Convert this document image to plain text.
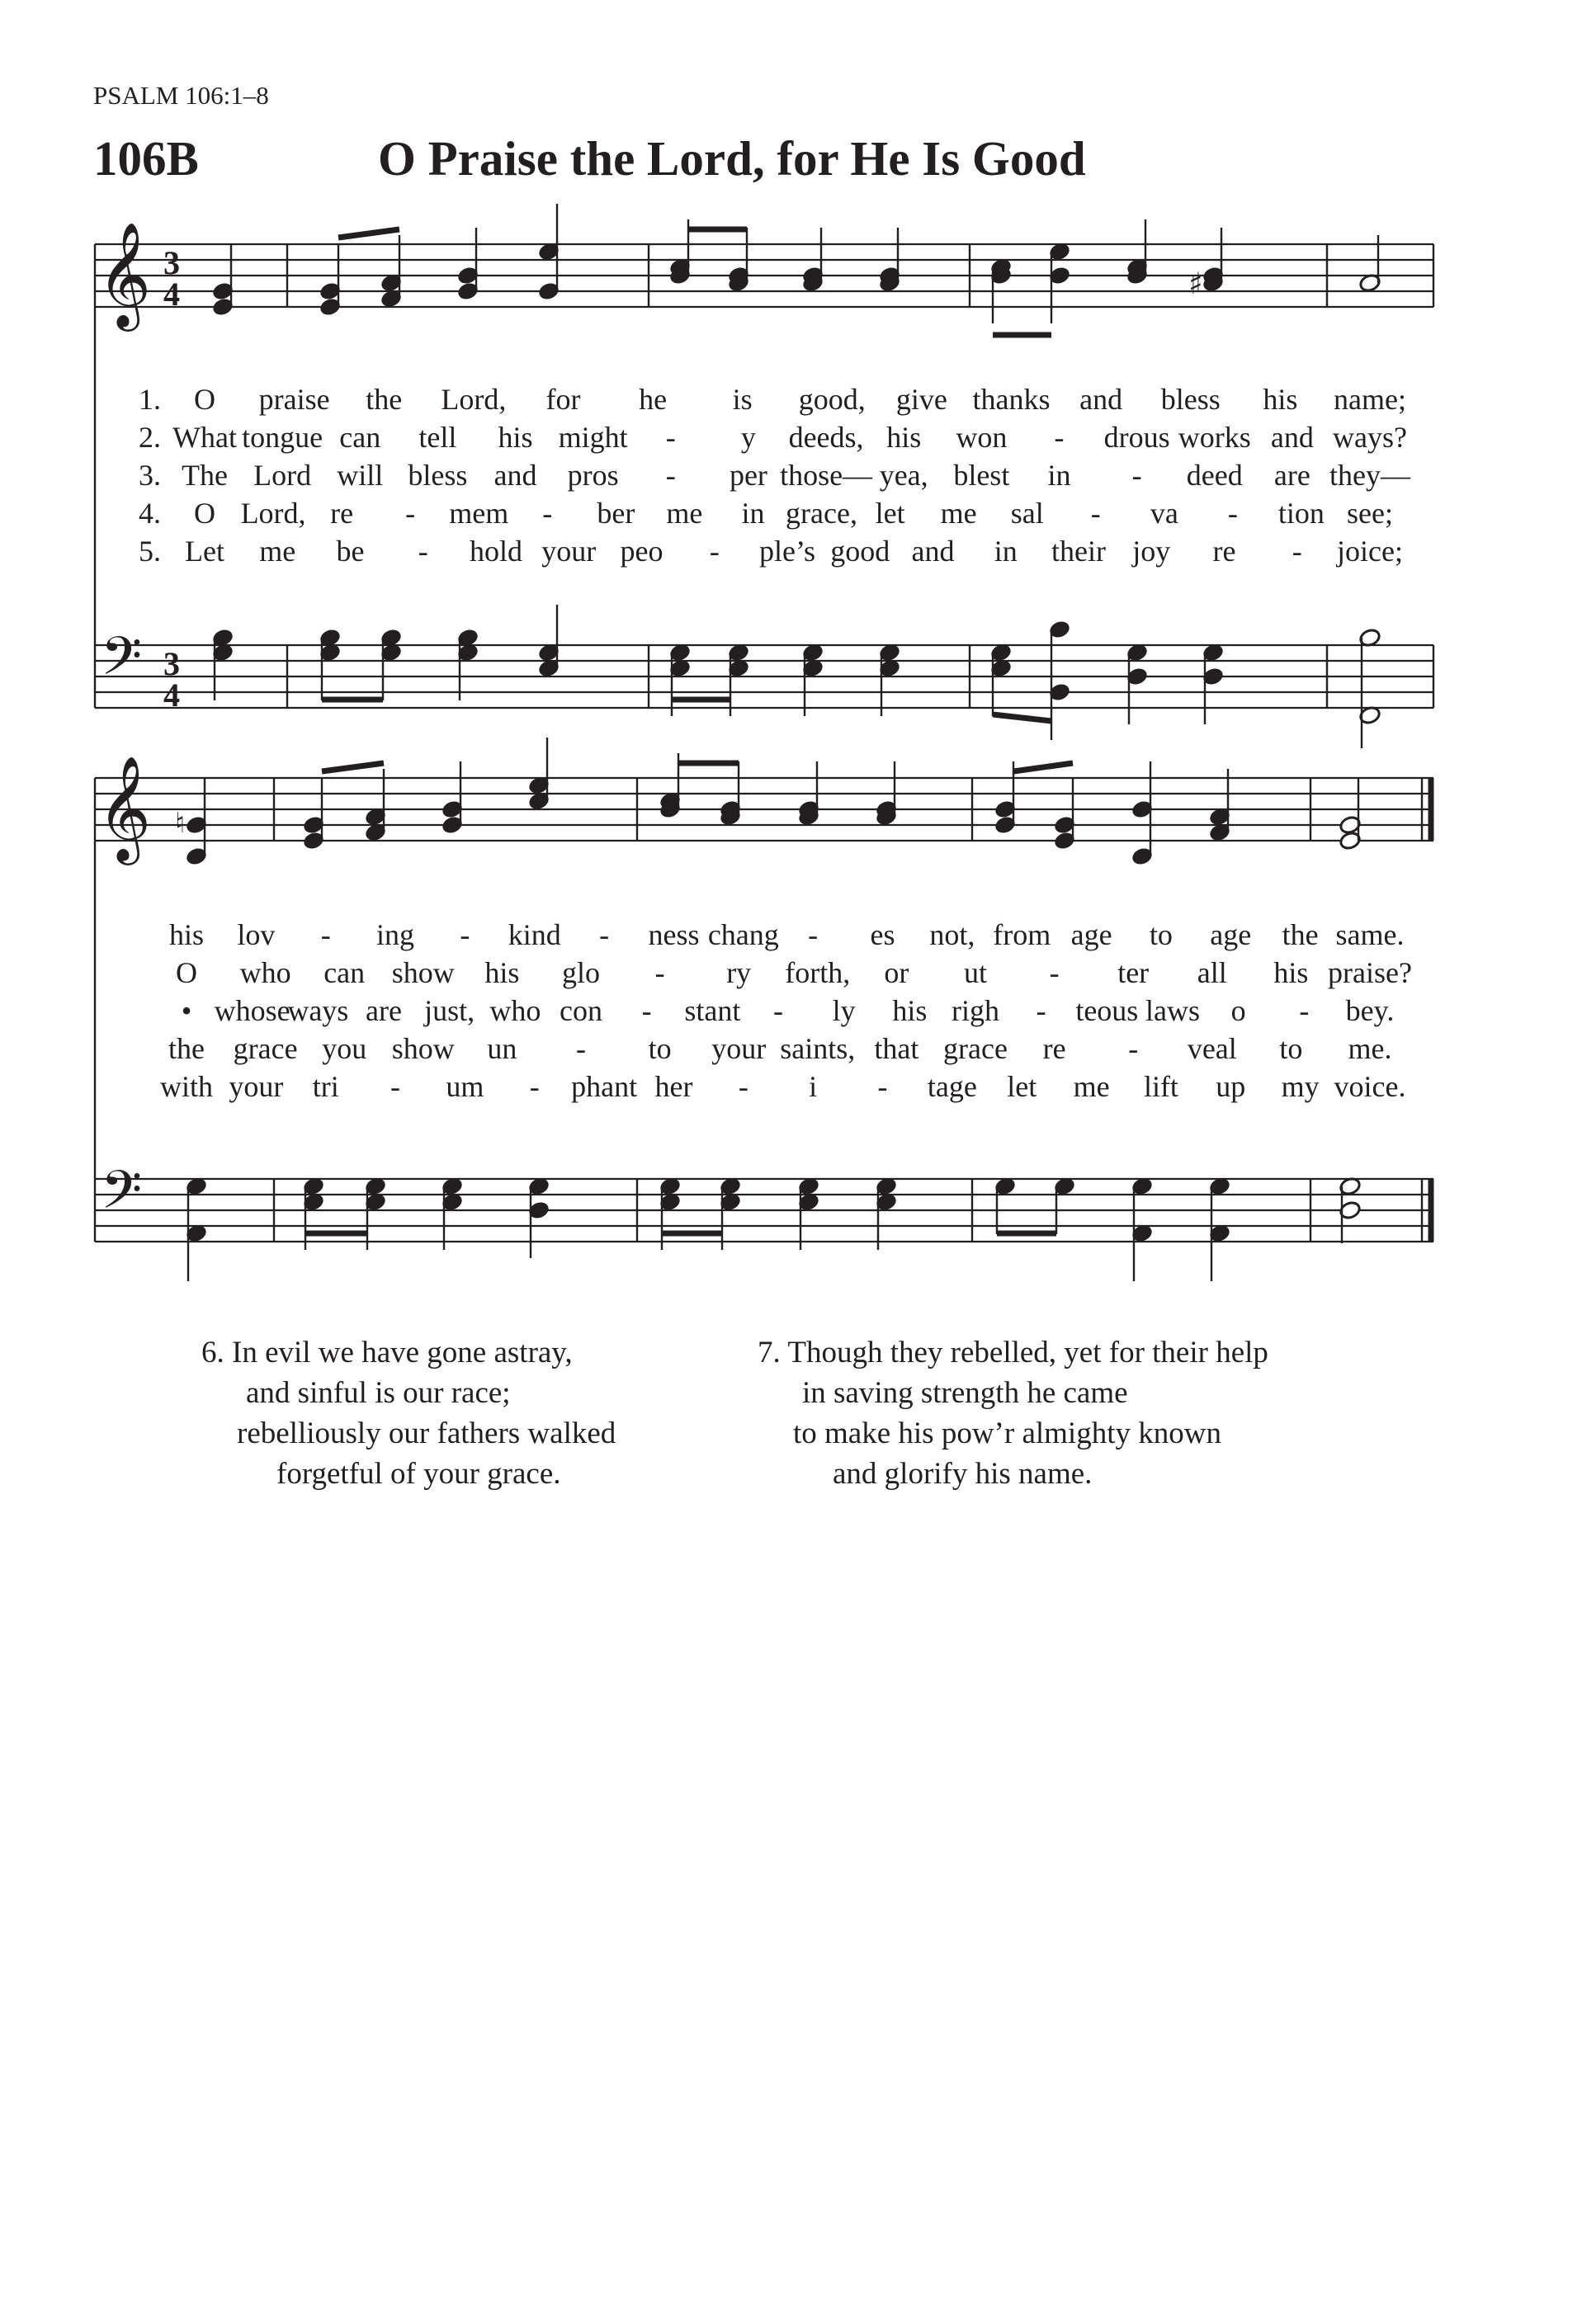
PSALM 106:1–8
106B	O Praise the Lord, for He Is Good
𝄞
𝄢
3
4
3
4
♯
𝄞
𝄢
♮
1. O praise the Lord, for he is good, give thanks and bless his name;
2. What tongue can tell his might - y deeds, his won - drous works and ways?
3. The Lord will bless and pros - per those— yea, blest in - deed are they—
4. O Lord, re - mem - ber me in grace, let me sal - va - tion see;
5. Let me be - hold your peo - ple’s good and in their joy re - joice;
his lov - ing - kind - ness chang - es not, from age to age the same.
O who can show his glo - ry forth, or ut - ter all his praise?
• whose
ways are just, who con - stant - ly his righ - teous laws o - bey.
the grace you show un - to your saints, that grace re - veal to me.
with your tri - um - phant her - i - tage let me lift up my voice.
6. In evil we have gone astray,
and sinful is our race;
rebelliously our fathers walked
forgetful of your grace.
7. Though they rebelled, yet for their help
in saving strength he came
to make his pow’r almighty known
and glorify his name.
